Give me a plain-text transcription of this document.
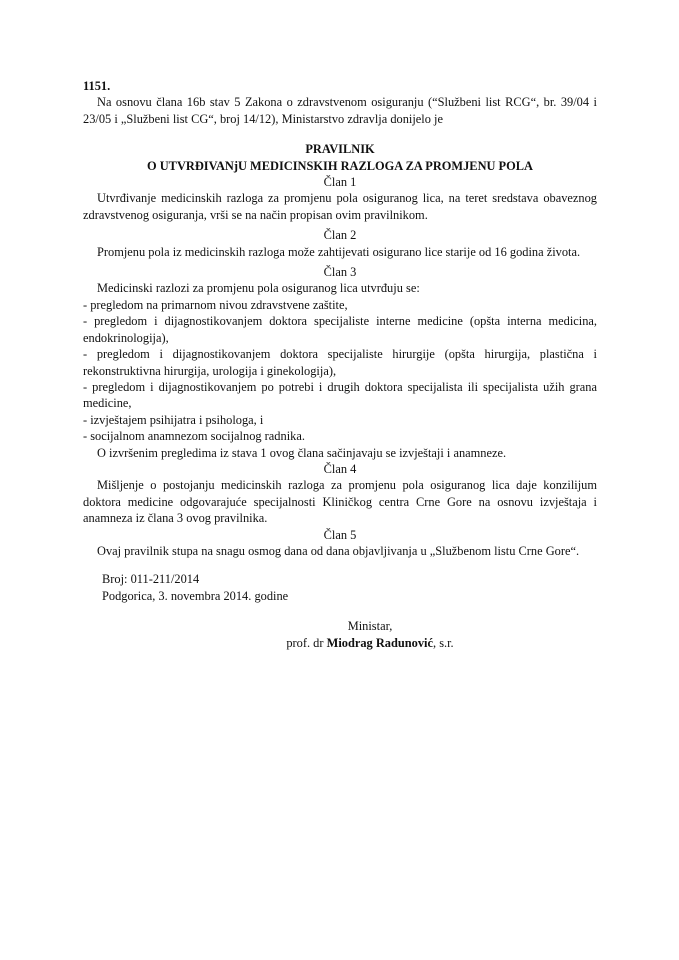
1151.

Na osnovu člana 16b stav 5 Zakona o zdravstvenom osiguranju (“Službeni list RCG“, br. 39/04 i 23/05 i „Službeni list CG“, broj 14/12), Ministarstvo zdravlja donijelo je

PRAVILNIK

O UTVRĐIVANjU MEDICINSKIH RAZLOGA ZA PROMJENU POLA

Član 1

Utvrđivanje medicinskih razloga za promjenu pola osiguranog lica, na teret sredstava obaveznog zdravstvenog osiguranja, vrši se na način propisan ovim pravilnikom.

Član 2

Promjenu pola iz medicinskih razloga može zahtijevati osigurano lice starije od 16 godina života.

Član 3

Medicinski razlozi za promjenu pola osiguranog lica utvrđuju se:

- pregledom na primarnom nivou zdravstvene zaštite,

- pregledom i dijagnostikovanjem doktora specijaliste interne medicine (opšta interna medicina, endokrinologija),

- pregledom i dijagnostikovanjem doktora specijaliste hirurgije (opšta hirurgija, plastična i rekonstruktivna hirurgija, urologija i ginekologija),

- pregledom i dijagnostikovanjem po potrebi i drugih doktora specijalista ili specijalista užih grana medicine,

- izvještajem psihijatra i psihologa, i

- socijalnom anamnezom socijalnog radnika.

O izvršenim pregledima iz stava 1 ovog člana sačinjavaju se izvještaji i anamneze.

Član 4

Mišljenje o postojanju medicinskih razloga za promjenu pola osiguranog lica daje konzilijum doktora medicine odgovarajuće specijalnosti Kliničkog centra Crne Gore na osnovu izvještaja i anamneza iz člana 3 ovog pravilnika.

Član 5

Ovaj pravilnik stupa na snagu osmog dana od dana objavljivanja u „Službenom listu Crne Gore“.

Broj: 011-211/2014

Podgorica, 3. novembra 2014. godine

Ministar,

prof. dr Miodrag Radunović, s.r.
